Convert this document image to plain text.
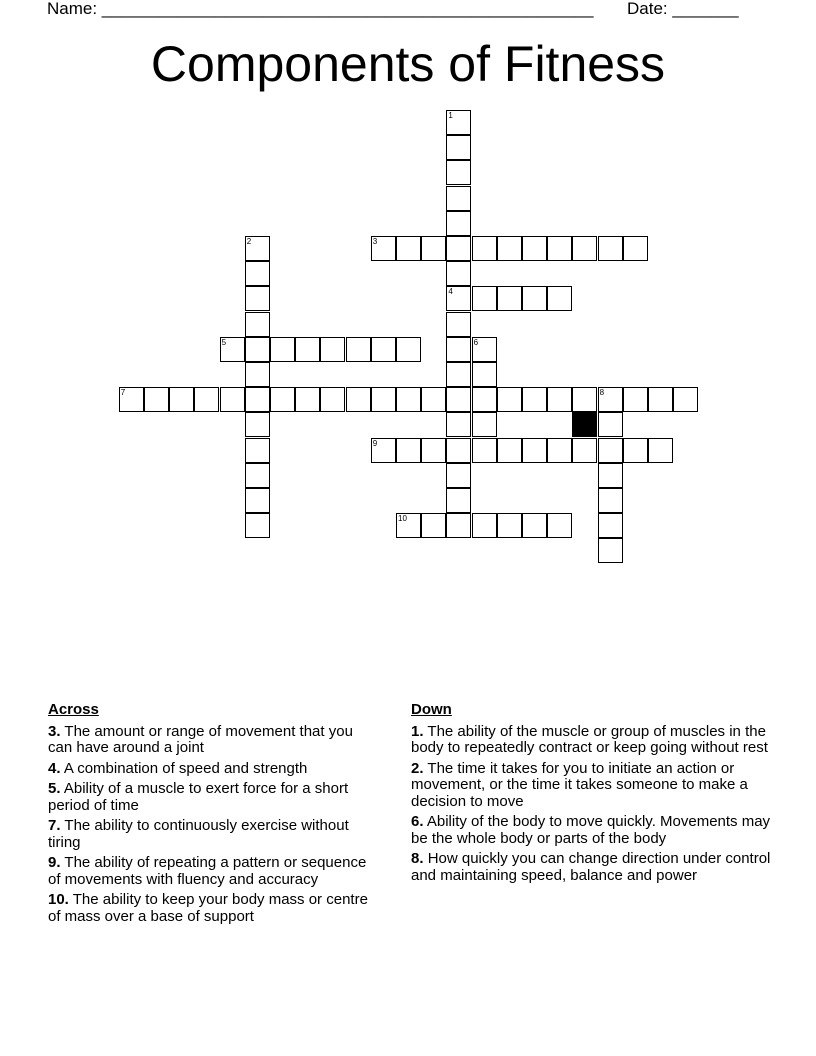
Name: ____________________________________________________ Date: _______
Components of Fitness
1
4
2	3
5	6
7	8
9
10
Across
3. The amount or range of movement that you can have around a joint
4. A combination of speed and strength
5. Ability of a muscle to exert force for a short period of time
7. The ability to continuously exercise without tiring
9. The ability of repeating a pattern or sequence of movements with fluency and accuracy
10. The ability to keep your body mass or centre of mass over a base of support
Down
1. The ability of the muscle or group of muscles in the body to repeatedly contract or keep going without rest
2. The time it takes for you to initiate an action or movement, or the time it takes someone to make a decision to move
6. Ability of the body to move quickly. Movements may be the whole body or parts of the body
8. How quickly you can change direction under control and maintaining speed, balance and power
